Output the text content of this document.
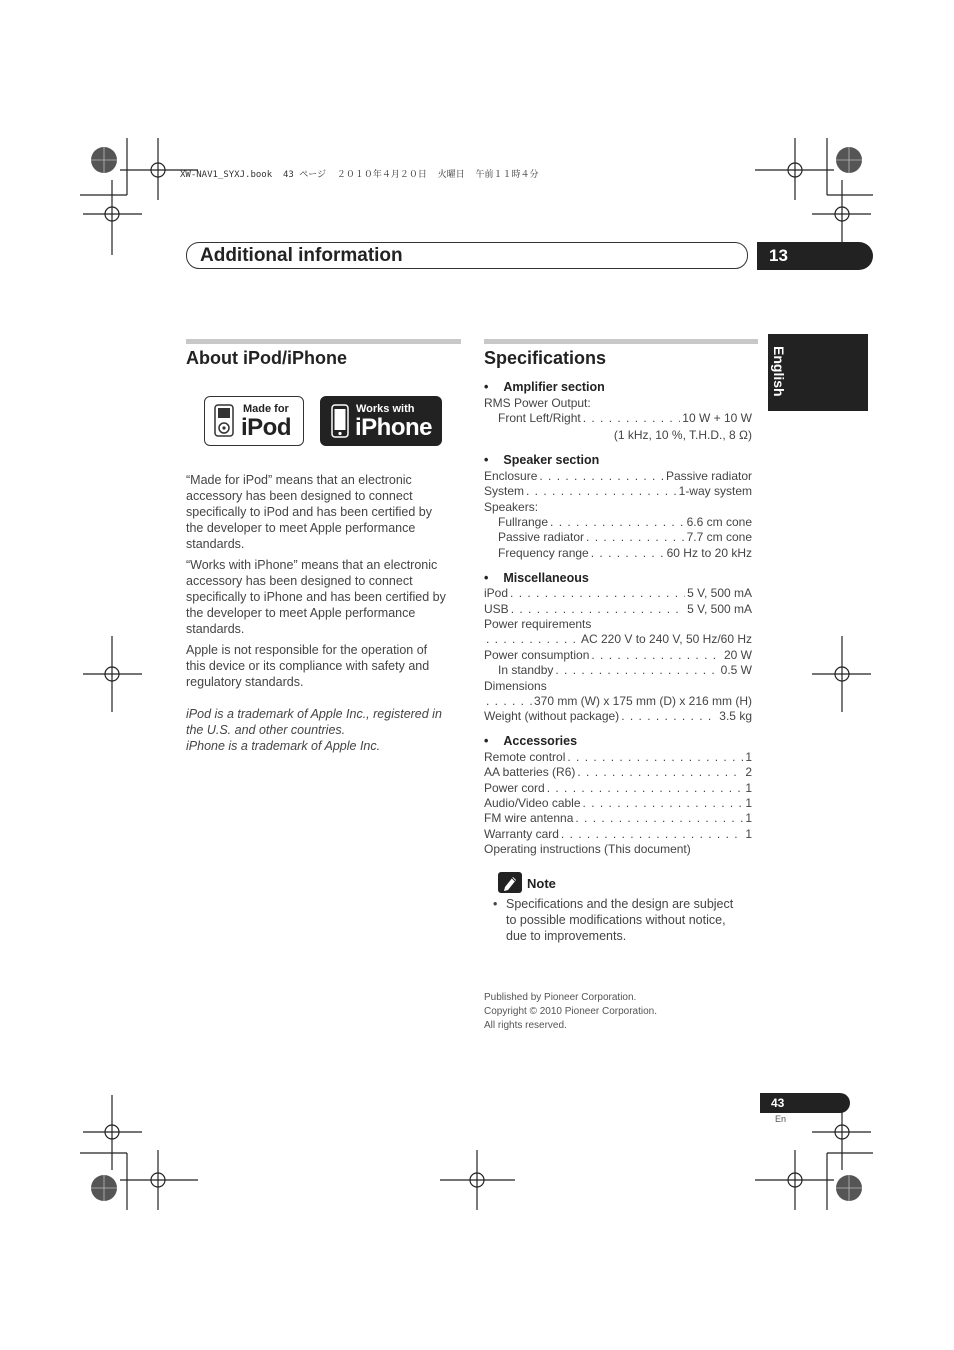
XW-NAV1_SYXJ.book  43 ページ  ２０１０年４月２０日  火曜日  午前１１時４分
Additional information	13
English
About iPod/iPhone
Made for
iPod
Works with
iPhone
“Made for iPod” means that an electronic
accessory has been designed to connect
specifically to iPod and has been certified by
the developer to meet Apple performance
standards.
“Works with iPhone” means that an electronic
accessory has been designed to connect
specifically to iPhone and has been certified by
the developer to meet Apple performance
standards.
Apple is not responsible for the operation of
this device or its compliance with safety and
regulatory standards.
iPod is a trademark of Apple Inc., registered in
the U.S. and other countries.
iPhone is a trademark of Apple Inc.
Specifications
• Amplifier section
RMS Power Output:
Front Left/Right . . .	10 W + 10 W
(1 kHz, 10 %, T.H.D., 8 Ω)
• Speaker section
Enclosure . . .	Passive radiator
System . . .	1-way system
Speakers:
Fullrange . . .	6.6 cm cone
Passive radiator . . .	7.7 cm cone
Frequency range . . .	60 Hz to 20 kHz
• Miscellaneous
iPod . . .	5 V, 500 mA
USB . . .	5 V, 500 mA
Power requirements
. . .
AC 220 V to 240 V, 50 Hz/60 Hz
Power consumption . . .	20 W
In standby . . .	0.5 W
Dimensions
. . .
370 mm (W) x 175 mm (D) x 216 mm (H)
Weight (without package) . . .	3.5 kg
• Accessories
Remote control . . .	1
AA batteries (R6) . . .	2
Power cord . . .	1
Audio/Video cable . . .	1
FM wire antenna . . .	1
Warranty card . . .	1
Operating instructions (This document)
Note
• Specifications and the design are subject
to possible modifications without notice,
due to improvements.
Published by Pioneer Corporation.
Copyright © 2010 Pioneer Corporation.
All rights reserved.
43
En
